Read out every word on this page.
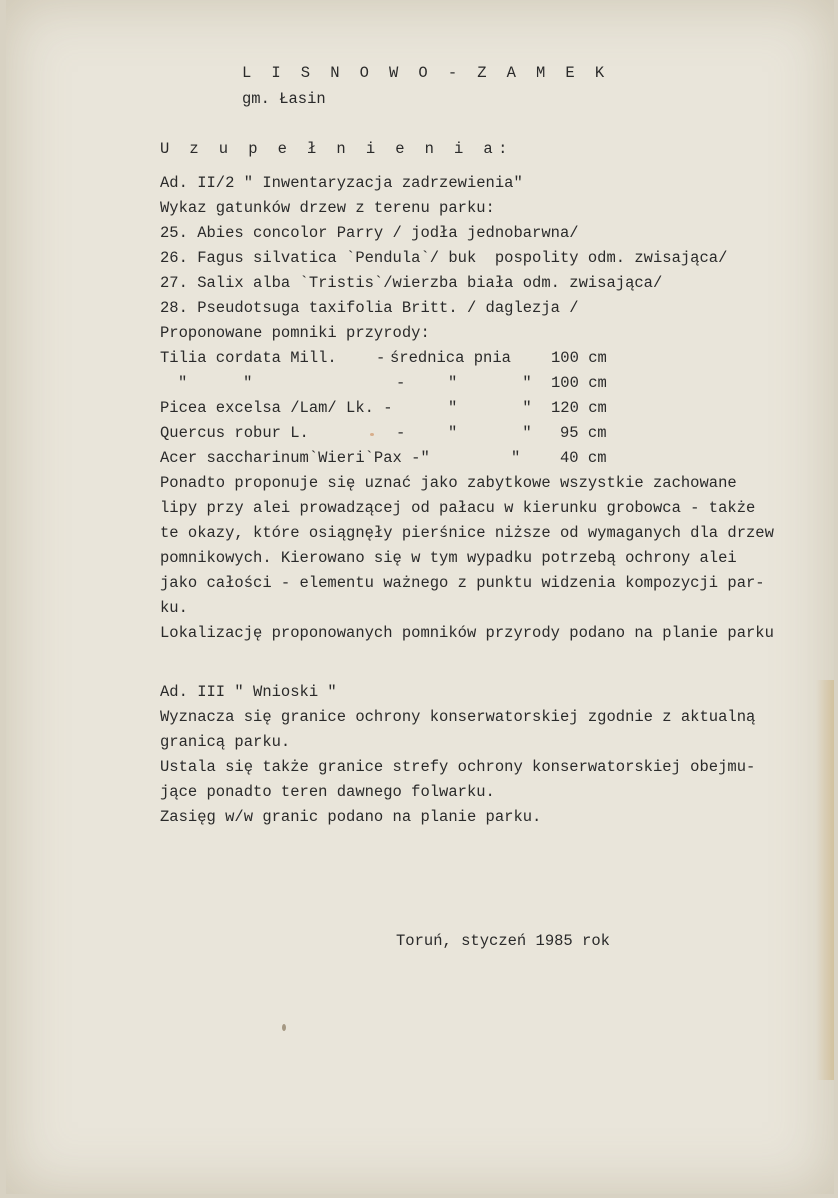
L I S N O W O - Z A M E K

gm. Łasin

U z u p e ł n i e n i a:

Ad. II/2 " Inwentaryzacja zadrzewienia"

Wykaz gatunków drzew z terenu parku:

25. Abies concolor Parry / jodła jednobarwna/

26. Fagus silvatica `Pendula`/ buk  pospolity odm. zwisająca/

27. Salix alba `Tristis`/wierzba biała odm. zwisająca/

28. Pseudotsuga taxifolia Britt. / daglezja /

Proponowane pomniki przyrody:

Tilia cordata Mill.	- średnica pnia	100 cm

"      "	-	"       " 100 cm

Picea excelsa /Lam/ Lk. -	"       " 120 cm

Quercus robur L.	-	"       " 95 cm

Acer saccharinum`Wieri`Pax -"	"	40 cm

Ponadto proponuje się uznać jako zabytkowe wszystkie zachowane

lipy przy alei prowadzącej od pałacu w kierunku grobowca - także

te okazy, które osiągnęły pierśnice niższe od wymaganych dla drzew

pomnikowych. Kierowano się w tym wypadku potrzebą ochrony alei

jako całości - elementu ważnego z punktu widzenia kompozycji par-

ku.

Lokalizację proponowanych pomników przyrody podano na planie parku

Ad. III " Wnioski "

Wyznacza się granice ochrony konserwatorskiej zgodnie z aktualną

granicą parku.

Ustala się także granice strefy ochrony konserwatorskiej obejmu-

jące ponadto teren dawnego folwarku.

Zasięg w/w granic podano na planie parku.

Toruń, styczeń 1985 rok
